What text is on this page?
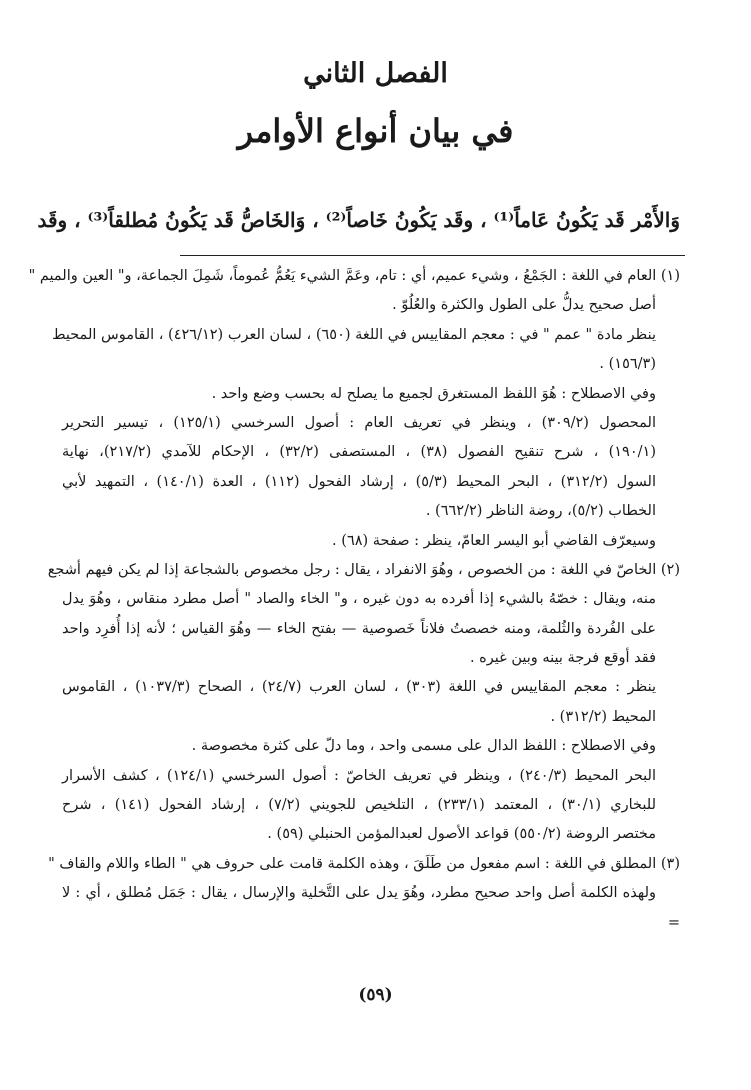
الفصل الثاني
في بيان أنواع الأوامر
وَالأَمْر قَد يَكُونُ عَاماً⁽¹⁾ ، وقَد يَكُونُ خَاصاً⁽²⁾ ، وَالخَاصُّ قَد يَكُونُ مُطلقاً⁽³⁾ ، وقَد
(١) العام في اللغة : الجَمْعُ ، وشيء عميم، أي : تام، وعَمَّ الشيء يَعُمُّ عُموماً، شَمِلَ الجماعة، و" العين والميم "
أصل صحيح يدلُّ على الطول والكثرة والعُلُوّ .
ينظر مادة " عمم " في : معجم المقاييس في اللغة (٦٥٠) ، لسان العرب (٤٢٦/١٢) ، القاموس المحيط
(١٥٦/٣) .
وفي الاصطلاح : هُوَ اللفظ المستغرق لجميع ما يصلح له بحسب وضع واحد .
المحصول (٣٠٩/٢) ، وينظر في تعريف العام : أصول السرخسي (١٢٥/١) ، تيسير التحرير
(١٩٠/١) ، شرح تنقيح الفصول (٣٨) ، المستصفى (٣٢/٢) ، الإحكام للآمدي (٢١٧/٢)، نهاية
السول (٣١٢/٢) ، البحر المحيط (٥/٣) ، إرشاد الفحول (١١٢) ، العدة (١٤٠/١) ، التمهيد لأبي
الخطاب (٥/٢)، روضة الناظر (٦٦٢/٢) .
وسيعرّف القاضي أبو اليسر العامّ، ينظر : صفحة (٦٨) .
(٢) الخاصّ في اللغة : من الخصوص ، وهُوَ الانفراد ، يقال : رجل مخصوص بالشجاعة إذا لم يكن فيهم أشجع
منه، ويقال : خصّهُ بالشيء إذا أفرده به دون غيره ، و" الخاء والصاد " أصل مطرد منقاس ، وهُوَ يدل
على الفُردة والثُلمة، ومنه خصصتُ فلاناً خَصوصية — بفتح الخاء — وهُوَ القياس ؛ لأنه إذا أُفرِد واحد
فقد أوقع فرجة بينه وبين غيره .
ينظر : معجم المقاييس في اللغة (٣٠٣) ، لسان العرب (٢٤/٧) ، الصحاح (١٠٣٧/٣) ، القاموس
المحيط (٣١٢/٢) .
وفي الاصطلاح : اللفظ الدال على مسمى واحد ، وما دلّ على كثرة مخصوصة .
البحر المحيط (٢٤٠/٣) ، وينظر في تعريف الخاصّ : أصول السرخسي (١٢٤/١) ، كشف الأسرار
للبخاري (٣٠/١) ، المعتمد (٢٣٣/١) ، التلخيص للجويني (٧/٢) ، إرشاد الفحول (١٤١) ، شرح
مختصر الروضة (٥٥٠/٢) قواعد الأصول لعبدالمؤمن الحنبلي (٥٩) .
(٣) المطلق في اللغة : اسم مفعول من طَلَقَ ، وهذه الكلمة قامت على حروف هي " الطاء واللام والقاف "
ولهذه الكلمة أصل واحد صحيح مطرد، وهُوَ يدل على التَّخلية والإرسال ، يقال : جَمَل مُطلق ، أي : لا
=
(٥٩)
